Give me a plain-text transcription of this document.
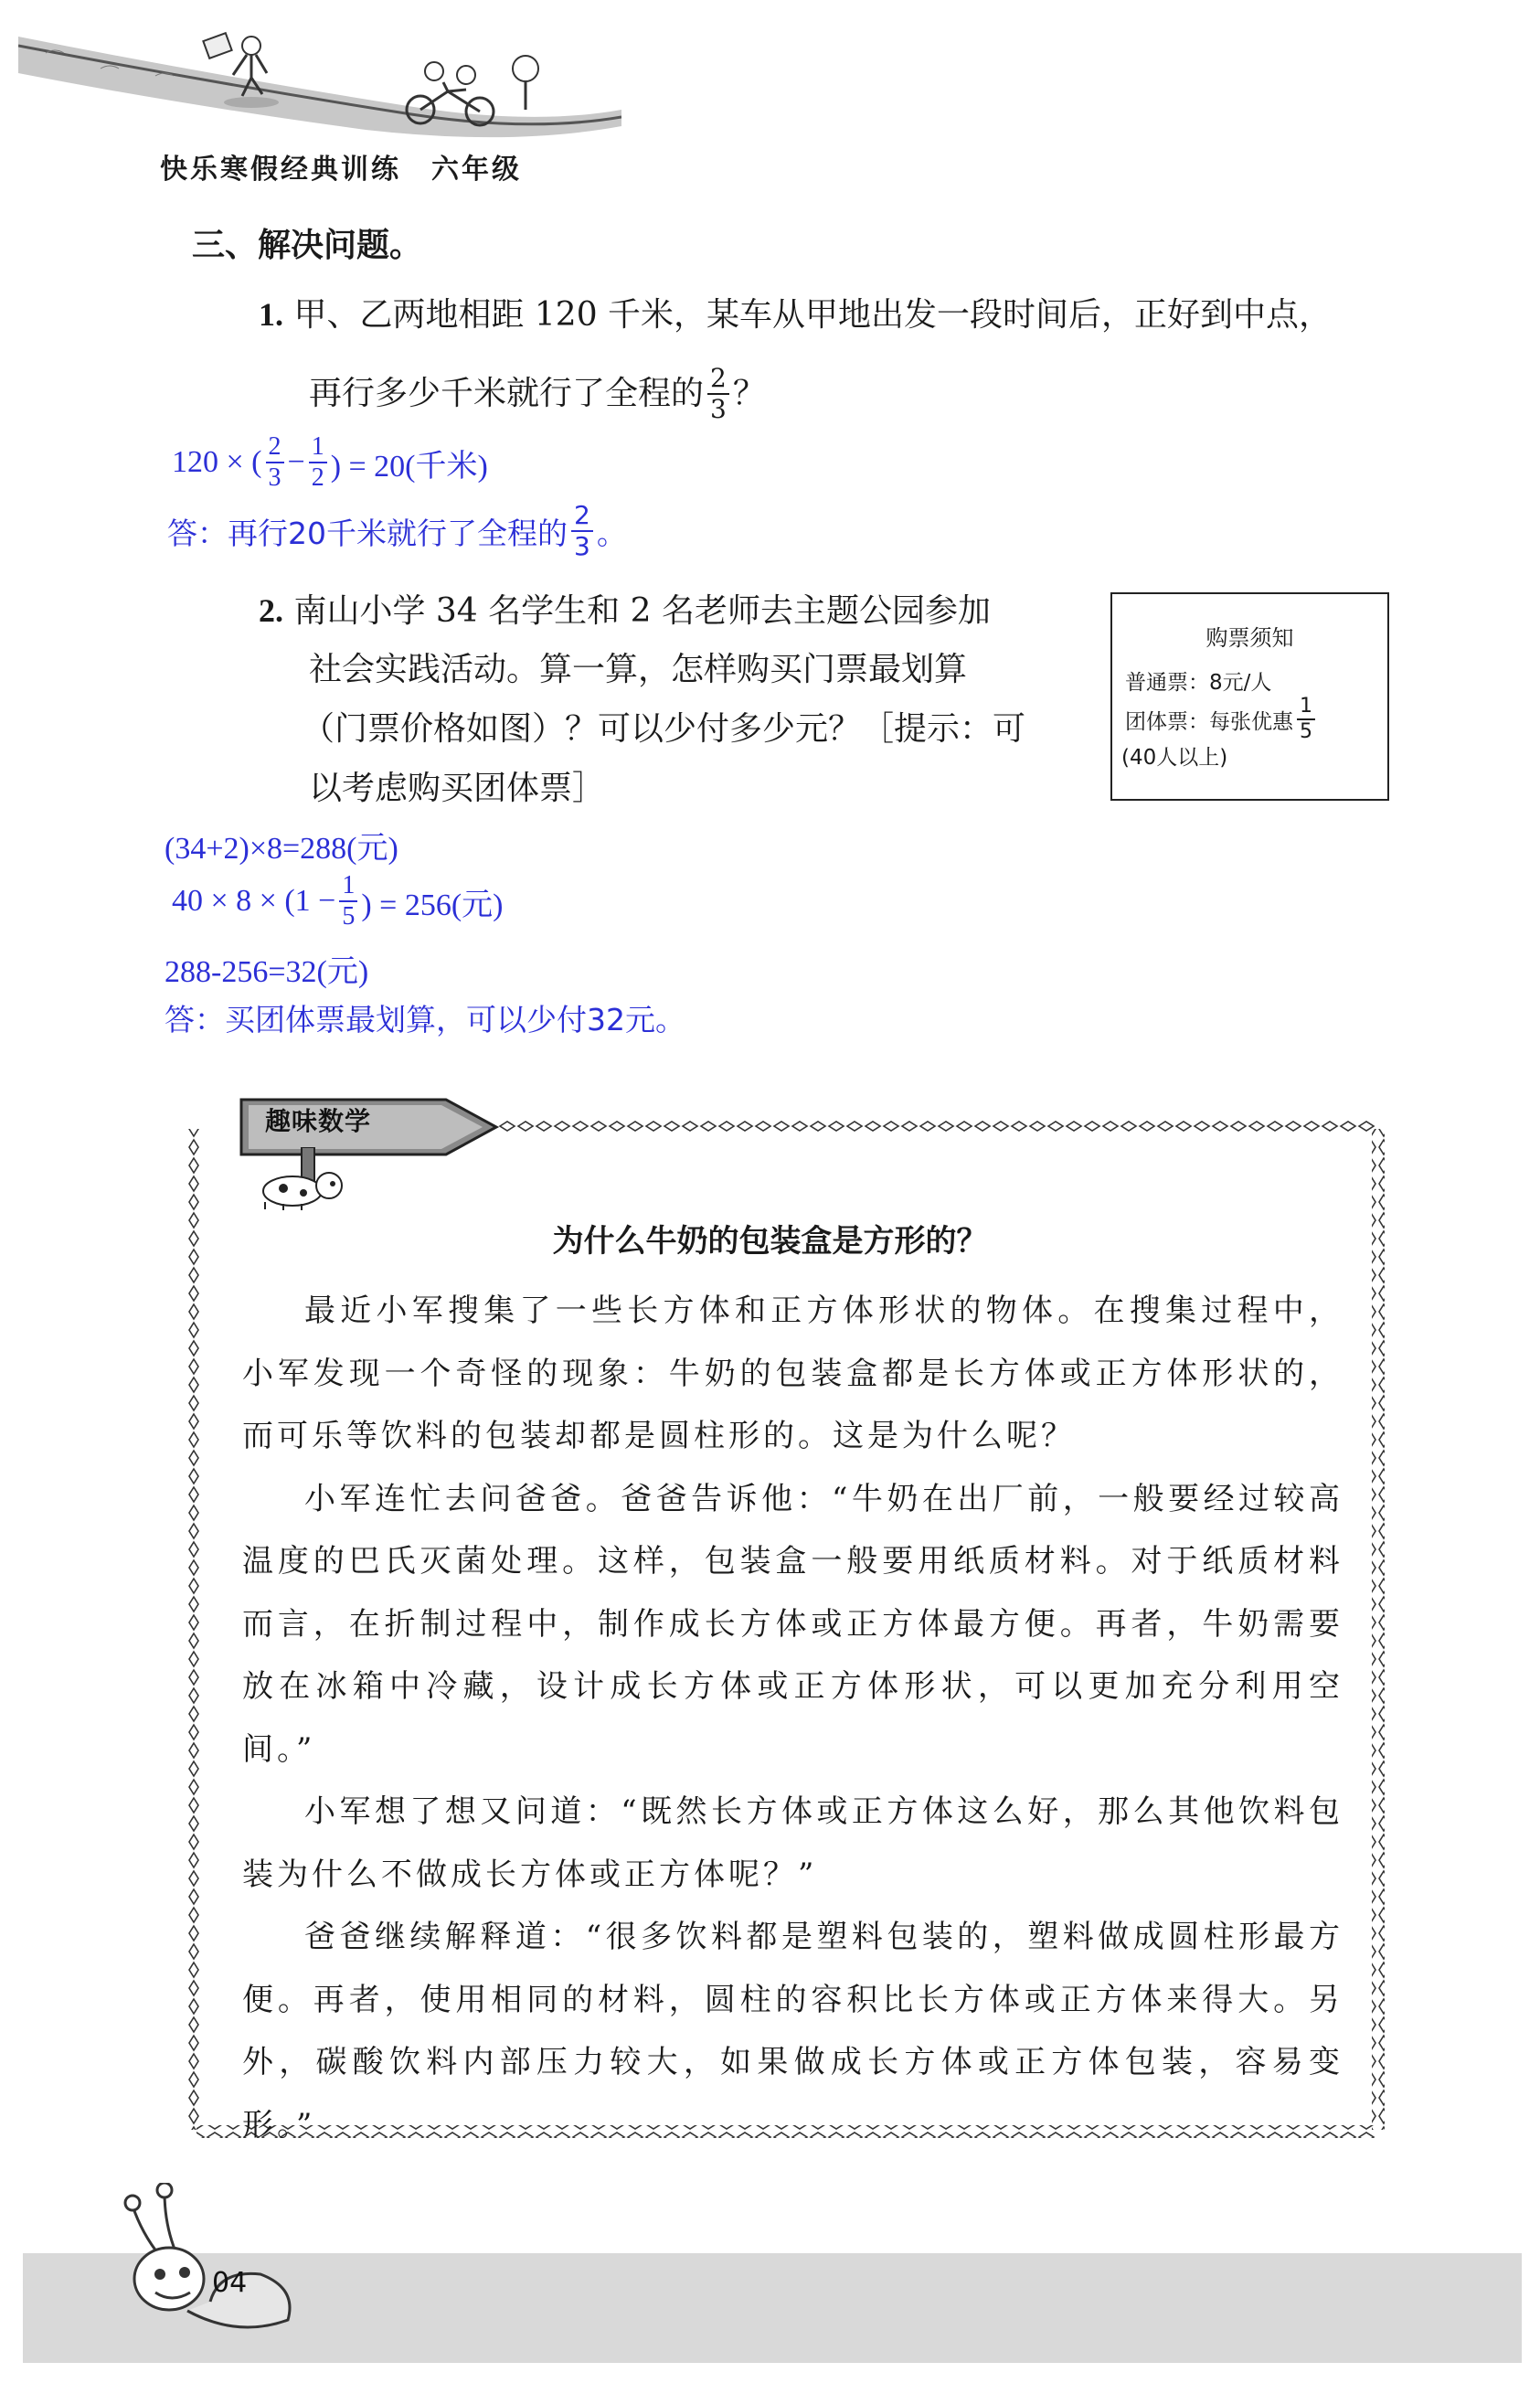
快乐寒假经典训练　六年级
三、解决问题。
1. 甲、乙两地相距 120 千米，某车从甲地出发一段时间后，正好到中点，
再行多少千米就行了全程的 $\frac{2}{3}$ ？
120 × ( $\frac{2}{3} - \frac{1}{2}$ ) = 20(千米)
答：再行20千米就行了全程的 $\frac{2}{3}$ 。
2. 南山小学 34 名学生和 2 名老师去主题公园参加
社会实践活动。算一算，怎样购买门票最划算
（门票价格如图）？可以少付多少元？［提示：可
以考虑购买团体票］
购票须知
普通票：8元/人
团体票：每张优惠 $\frac{1}{5}$
(40人以上)
(34+2)×8=288(元)
$40 \times 8 \times (1 - \frac{1}{5}$ ) = 256(元)
288-256=32(元)
答：买团体票最划算，可以少付32元。
趣味数学
为什么牛奶的包装盒是方形的？

最近小军搜集了一些长方体和正方体形状的物体。在搜集过程中，小军发现一个奇怪的现象：牛奶的包装盒都是长方体或正方体形状的，而可乐等饮料的包装却都是圆柱形的。这是为什么呢？

小军连忙去问爸爸。爸爸告诉他：“牛奶在出厂前，一般要经过较高温度的巴氏灭菌处理。这样，包装盒一般要用纸质材料。对于纸质材料而言，在折制过程中，制作成长方体或正方体最方便。再者，牛奶需要放在冰箱中冷藏，设计成长方体或正方体形状，可以更加充分利用空间。”

小军想了想又问道：“既然长方体或正方体这么好，那么其他饮料包装为什么不做成长方体或正方体呢？”

爸爸继续解释道：“很多饮料都是塑料包装的，塑料做成圆柱形最方便。再者，使用相同的材料，圆柱的容积比长方体或正方体来得大。另外，碳酸饮料内部压力较大，如果做成长方体或正方体包装，容易变形。”

04
